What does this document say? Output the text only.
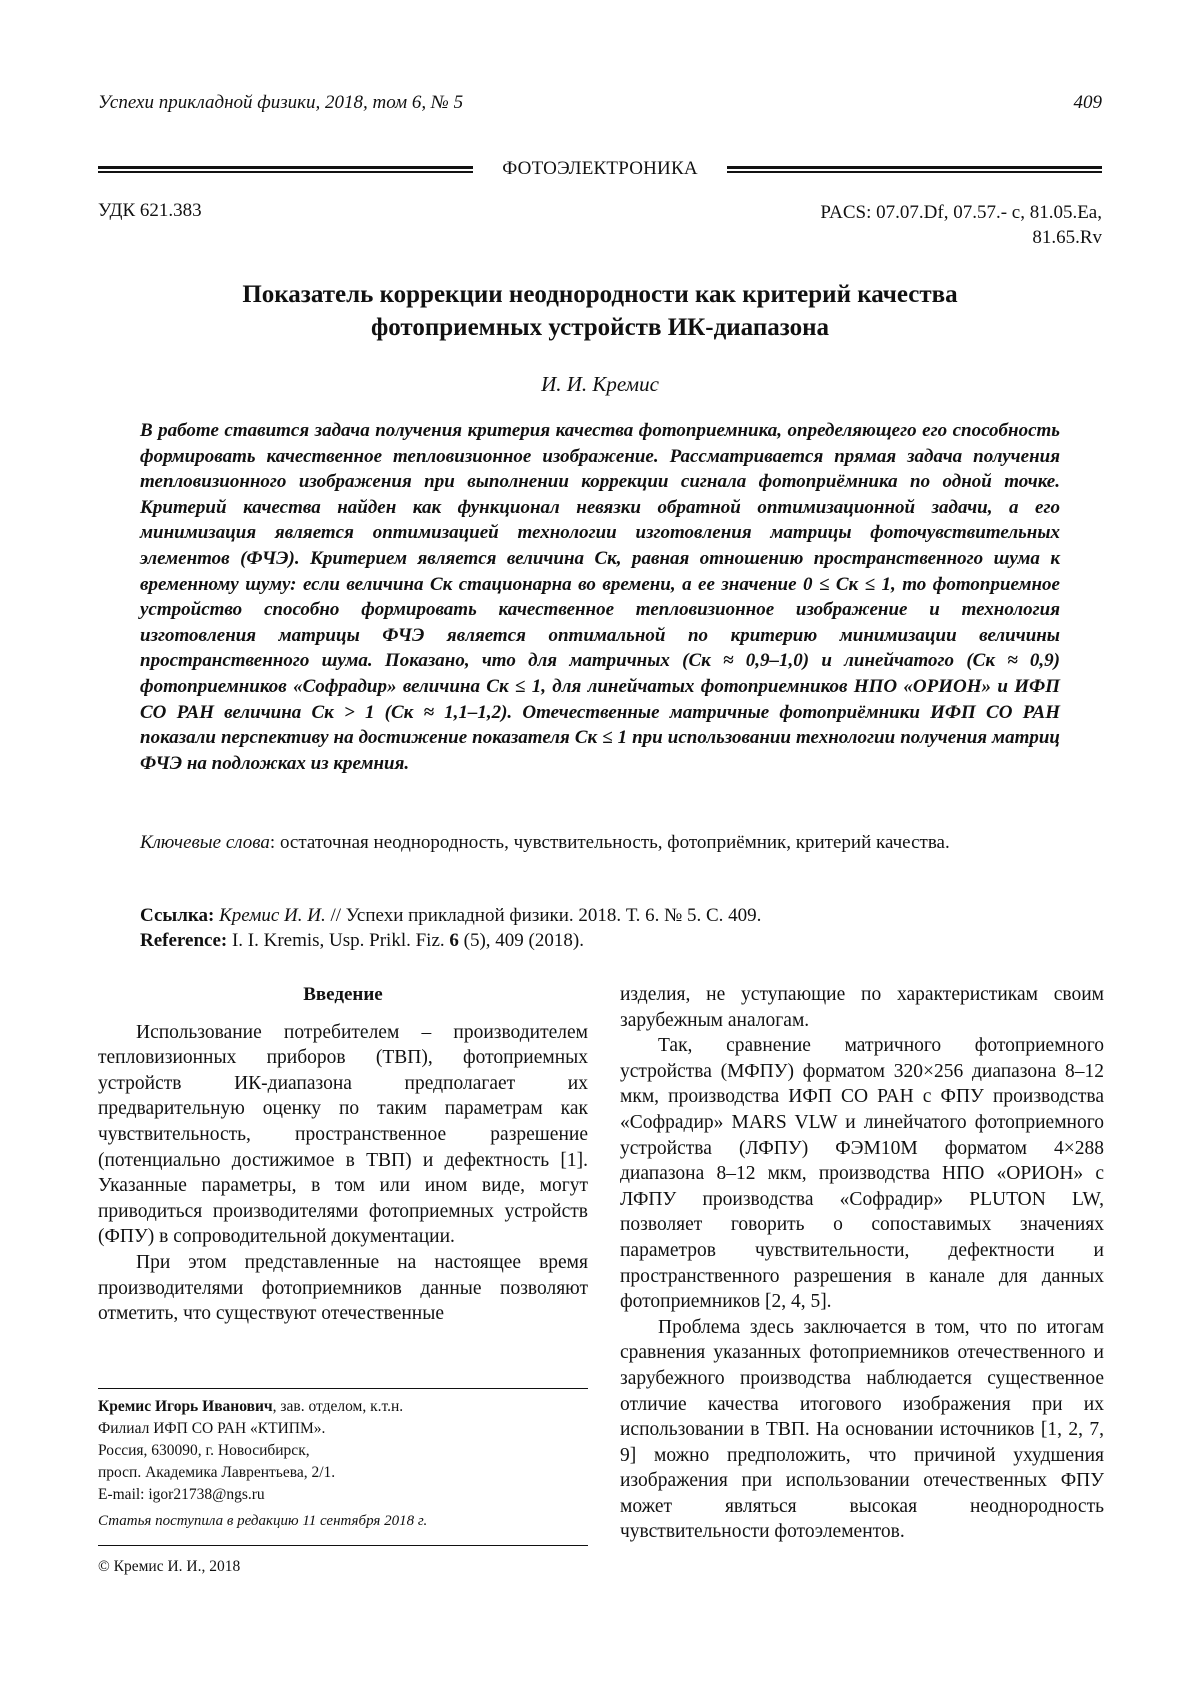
Успехи прикладной физики, 2018, том 6, № 5	409
ФОТОЭЛЕКТРОНИКА
УДК 621.383	PACS: 07.07.Df, 07.57.- c, 81.05.Ea,
81.65.Rv
Показатель коррекции неоднородности как критерий качества
фотоприемных устройств ИК-диапазона
И. И. Кремис

В работе ставится задача получения критерия качества фотоприемника, определяющего его способность формировать качественное тепловизионное изображение. Рассматривается прямая задача получения тепловизионного изображения при выполнении коррекции сигнала фотоприёмника по одной точке. Критерий качества найден как функционал невязки обратной оптимизационной задачи, а его минимизация является оптимизацией технологии изготовления матрицы фоточувствительных элементов (ФЧЭ). Критерием является величина Cк, равная отношению пространственного шума к временному шуму: если величина Cк стационарна во времени, а ее значение 0 ≤ Cк ≤ 1, то фотоприемное устройство способно формировать качественное тепловизионное изображение и технология изготовления матрицы ФЧЭ является оптимальной по критерию минимизации величины пространственного шума. Показано, что для матричных (Cк ≈ 0,9–1,0) и линейчатого (Cк ≈ 0,9) фотоприемников «Софрадир» величина Cк ≤ 1, для линейчатых фотоприемников НПО «ОРИОН» и ИФП СО РАН величина Cк > 1 (Cк ≈ 1,1–1,2). Отечественные матричные фотоприёмники ИФП СО РАН показали перспективу на достижение показателя Cк ≤ 1 при использовании технологии получения матриц ФЧЭ на подложках из кремния.

Ключевые слова: остаточная неоднородность, чувствительность, фотоприёмник, критерий качества.

Ссылка: Кремис И. И. // Успехи прикладной физики. 2018. Т. 6. № 5. С. 409.
Reference: I. I. Kremis, Usp. Prikl. Fiz. 6 (5), 409 (2018).

Введение

Использование потребителем – производителем тепловизионных приборов (ТВП), фотоприемных устройств ИК-диапазона предполагает их предварительную оценку по таким параметрам как чувствительность, пространственное разрешение (потенциально достижимое в ТВП) и дефектность [1]. Указанные параметры, в том или ином виде, могут приводиться производителями фотоприемных устройств (ФПУ) в сопроводительной документации.

При этом представленные на настоящее время производителями фотоприемников данные позволяют отметить, что существуют отечественные

изделия, не уступающие по характеристикам своим зарубежным аналогам.

Так, сравнение матричного фотоприемного устройства (МФПУ) форматом 320×256 диапазона 8–12 мкм, производства ИФП СО РАН с ФПУ производства «Софрадир» MARS VLW и линейчатого фотоприемного устройства (ЛФПУ) ФЭМ10М форматом 4×288 диапазона 8–12 мкм, производства НПО «ОРИОН» с ЛФПУ производства «Софрадир» PLUTON LW, позволяет говорить о сопоставимых значениях параметров чувствительности, дефектности и пространственного разрешения в канале для данных фотоприемников [2, 4, 5].

Проблема здесь заключается в том, что по итогам сравнения указанных фотоприемников отечественного и зарубежного производства наблюдается существенное отличие качества итогового изображения при их использовании в ТВП. На основании источников [1, 2, 7, 9] можно предположить, что причиной ухудшения изображения при использовании отечественных ФПУ может являться высокая неоднородность чувствительности фотоэлементов.

Кремис Игорь Иванович, зав. отделом, к.т.н.
Филиал ИФП СО РАН «КТИПМ».
Россия, 630090, г. Новосибирск,
просп. Академика Лаврентьева, 2/1.
E-mail: igor21738@ngs.ru
Статья поступила в редакцию 11 сентября 2018 г.
© Кремис И. И., 2018
